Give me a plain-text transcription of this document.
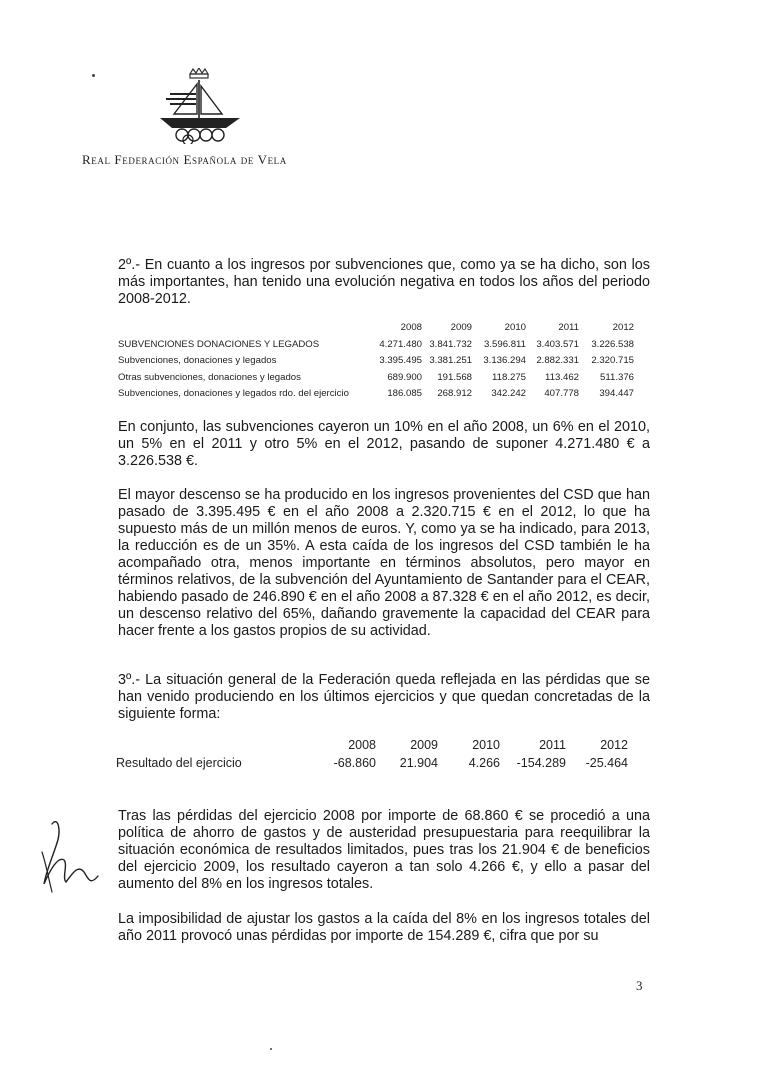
Real Federación Española de Vela

2º.- En cuanto a los ingresos por subvenciones que, como ya se ha dicho, son los más importantes, han tenido una evolución negativa en todos los años del periodo 2008-2012.

2008	2009	2010	2011	2012
SUBVENCIONES DONACIONES Y LEGADOS	4.271.480 3.841.732	3.596.811	3.403.571	3.226.538
Subvenciones, donaciones y legados	3.395.495 3.381.251	3.136.294	2.882.331	2.320.715
Otras subvenciones, donaciones y legados	689.900	191.568	118.275	113.462	511.376
Subvenciones, donaciones y legados rdo. del ejercicio	186.085	268.912	342.242	407.778	394.447

En conjunto, las subvenciones cayeron un 10% en el año 2008, un 6% en el 2010, un 5% en el 2011 y otro 5% en el 2012, pasando de suponer 4.271.480 € a 3.226.538 €.

El mayor descenso se ha producido en los ingresos provenientes del CSD que han pasado de 3.395.495 € en el año 2008 a 2.320.715 € en el 2012, lo que ha supuesto más de un millón menos de euros. Y, como ya se ha indicado, para 2013, la reducción es de un 35%. A esta caída de los ingresos del CSD también le ha acompañado otra, menos importante en términos absolutos, pero mayor en términos relativos, de la subvención del Ayuntamiento de Santander para el CEAR, habiendo pasado de 246.890 € en el año 2008 a 87.328 € en el año 2012, es decir, un descenso relativo del 65%, dañando gravemente la capacidad del CEAR para hacer frente a los gastos propios de su actividad.

3º.- La situación general de la Federación queda reflejada en las pérdidas que se han venido produciendo en los últimos ejercicios y que quedan concretadas de la siguiente forma:

2008	2009	2010	2011	2012
Resultado del ejercicio	-68.860	21.904	4.266	-154.289	-25.464

Tras las pérdidas del ejercicio 2008 por importe de 68.860 € se procedió a una política de ahorro de gastos y de austeridad presupuestaria para reequilibrar la situación económica de resultados limitados, pues tras los 21.904 € de beneficios del ejercicio 2009, los resultado cayeron a tan solo 4.266 €, y ello a pasar del aumento del 8% en los ingresos totales.

La imposibilidad de ajustar los gastos a la caída del 8% en los ingresos totales del año 2011 provocó unas pérdidas por importe de 154.289 €, cifra que por su

3
